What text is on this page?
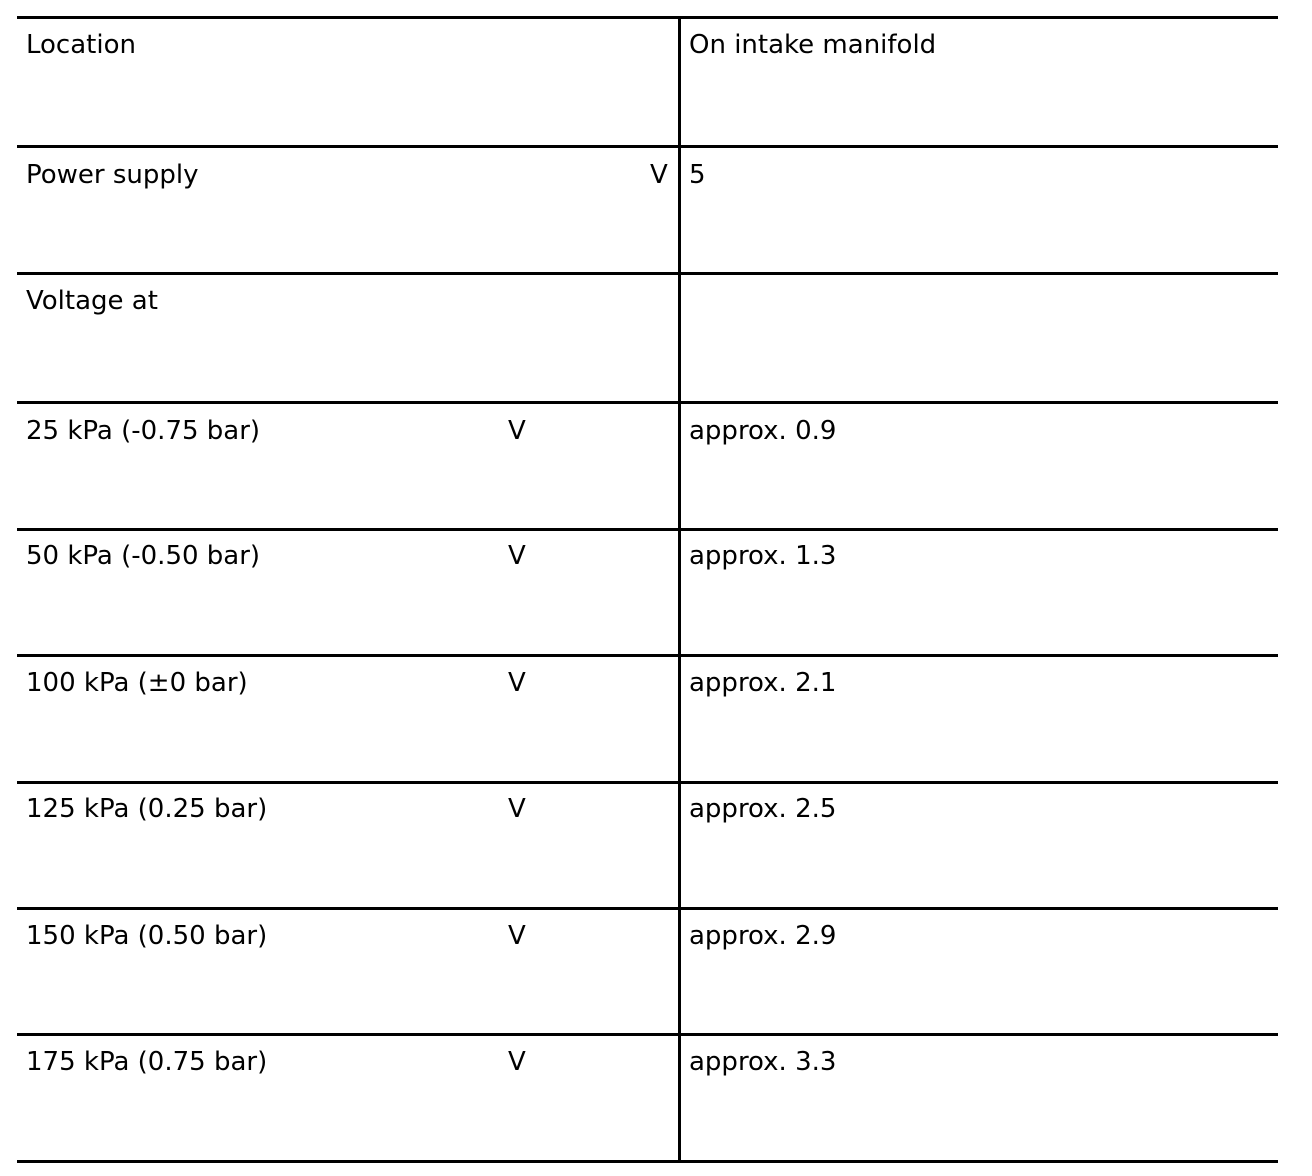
Location	On intake manifold
Power supply	V 5
Voltage at
25 kPa (-0.75 bar)	V	approx. 0.9
50 kPa (-0.50 bar)	V	approx. 1.3
100 kPa (±0 bar)	V	approx. 2.1
125 kPa (0.25 bar)	V	approx. 2.5
150 kPa (0.50 bar)	V	approx. 2.9
175 kPa (0.75 bar)	V	approx. 3.3
